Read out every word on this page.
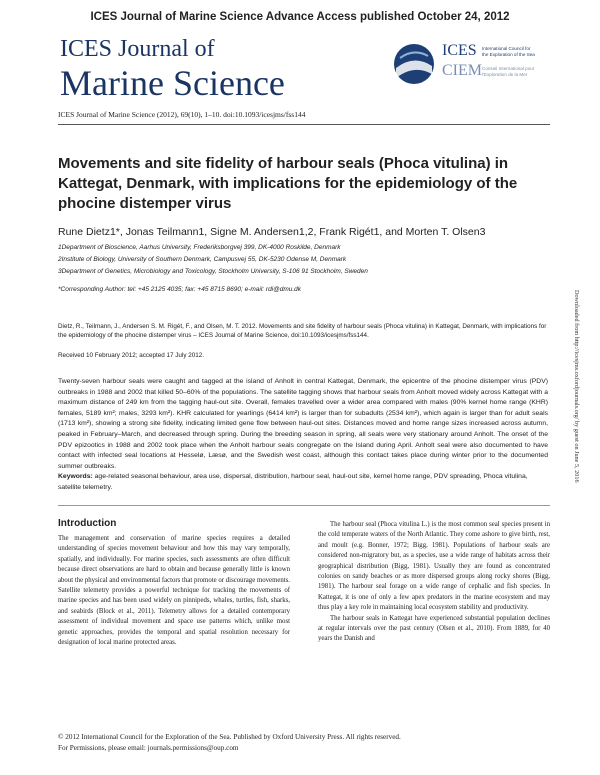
ICES Journal of Marine Science Advance Access published October 24, 2012
ICES Journal of
Marine Science
ICES
CIEM
International Council for
the Exploration of the Sea
Conseil International pour
l'Exploration de la Mer
ICES Journal of Marine Science (2012), 69(10), 1–10. doi:10.1093/icesjms/fss144
Movements and site fidelity of harbour seals (Phoca vitulina) in Kattegat, Denmark, with implications for the epidemiology of the phocine distemper virus
Rune Dietz1*, Jonas Teilmann1, Signe M. Andersen1,2, Frank Rigét1, and Morten T. Olsen3
1Department of Bioscience, Aarhus University, Frederiksborgvej 399, DK-4000 Roskilde, Denmark
2Institute of Biology, University of Southern Denmark, Campusvej 55, DK-5230 Odense M, Denmark
3Department of Genetics, Microbiology and Toxicology, Stockholm University, S-106 91 Stockholm, Sweden
*Corresponding Author: tel: +45 2125 4035; fax: +45 8715 8690; e-mail: rdi@dmu.dk
Dietz, R., Teilmann, J., Andersen S. M. Rigét, F., and Olsen, M. T. 2012. Movements and site fidelity of harbour seals (Phoca vitulina) in Kattegat, Denmark, with implications for the epidemiology of the phocine distemper virus – ICES Journal of Marine Science, doi:10.1093/icesjms/fss144.
Received 10 February 2012; accepted 17 July 2012.
Twenty-seven harbour seals were caught and tagged at the island of Anholt in central Kattegat, Denmark, the epicentre of the phocine distemper virus (PDV) outbreaks in 1988 and 2002 that killed 50–60% of the populations. The satellite tagging shows that harbour seals from Anholt moved widely across Kattegat with a maximum distance of 249 km from the tagging haul-out site. Overall, females travelled over a wider area compared with males (90% kernel home range (KHR) females, 5189 km²; males, 3293 km²). KHR calculated for yearlings (6414 km²) is larger than for subadults (2534 km²), which again is larger than for adult seals (1713 km²), showing a strong site fidelity, indicating limited gene flow between haul-out sites. Distances moved and home range sizes increased across autumn, peaked in February–March, and decreased through spring. During the breeding season in spring, all seals were very stationary around Anholt. The onset of the PDV epizootics in 1988 and 2002 took place when the Anholt harbour seals congregate on the Island during April. Anholt seal were also documented to have contact with infected seal locations at Hesselø, Læsø, and the Swedish west coast, although this contact takes place during winter prior to the documented summer outbreaks.
Keywords: age-related seasonal behaviour, area use, dispersal, distribution, harbour seal, haul-out site, kernel home range, PDV spreading, Phoca vitulina, satellite telemetry.
Introduction
The management and conservation of marine species requires a detailed understanding of species movement behaviour and how this may vary temporally, spatially, and individually. For marine species, such assessments are often difficult because direct observations are hard to obtain and because generally little is known about the physical and environmental factors that promote or discourage movements. Satellite telemetry provides a powerful technique for tracking the movements of marine species and has been used widely on pinnipeds, whales, turtles, fish, sharks, and seabirds (Block et al., 2011). Telemetry allows for a detailed contemporary assessment of individual movement and space use patterns which, unlike most genetic approaches, provides the temporal and spatial resolution necessary for designation of local marine protected areas.
The harbour seal (Phoca vitulina L.) is the most common seal species present in the cold temperate waters of the North Atlantic. They come ashore to give birth, rest, and moult (e.g. Bonner, 1972; Bigg, 1981). Populations of harbour seals are considered non-migratory but, as a species, use a wide range of habitats across their geographical distribution (Bigg, 1981). Usually they are found as concentrated colonies on sandy beaches or as more dispersed groups along rocky shores (Bigg, 1981). The harbour seal forage on a wide range of cephalic and fish species. In Kattegat, it is one of only a few apex predators in the marine ecosystem and may thus play a key role in maintaining local ecosystem stability and productivity.
The harbour seals in Kattegat have experienced substantial population declines at regular intervals over the past century (Olsen et al., 2010). From 1889, for 40 years the Danish and
© 2012 International Council for the Exploration of the Sea. Published by Oxford University Press. All rights reserved.
For Permissions, please email: journals.permissions@oup.com
Downloaded from http://icesjms.oxfordjournals.org/ by guest on June 5, 2016
